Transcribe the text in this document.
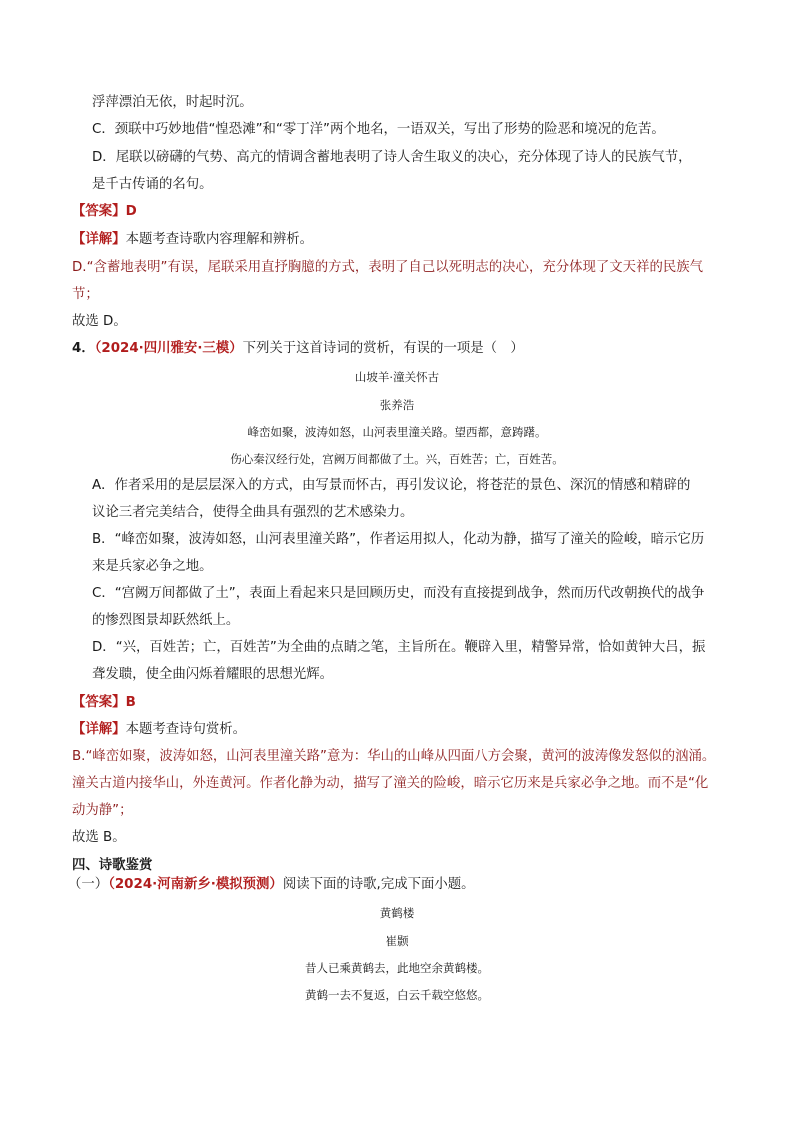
浮萍漂泊无依，时起时沉。
C．颈联中巧妙地借“惶恐滩”和“零丁洋”两个地名，一语双关，写出了形势的险恶和境况的危苦。
D．尾联以磅礴的气势、高亢的情调含蓄地表明了诗人舍生取义的决心，充分体现了诗人的民族气节，
是千古传诵的名句。
【答案】D
【详解】本题考查诗歌内容理解和辨析。
D.“含蓄地表明”有误，尾联采用直抒胸臆的方式，表明了自己以死明志的决心，充分体现了文天祥的民族气
节；
故选 D。
4．（2024·四川雅安·三模）下列关于这首诗词的赏析，有误的一项是（　）
山坡羊·潼关怀古
张养浩
峰峦如聚，波涛如怒，山河表里潼关路。望西都，意踌躇。
伤心秦汉经行处，宫阙万间都做了土。兴，百姓苦；亡，百姓苦。
A．作者采用的是层层深入的方式，由写景而怀古，再引发议论，将苍茫的景色、深沉的情感和精辟的
议论三者完美结合，使得全曲具有强烈的艺术感染力。
B．“峰峦如聚，波涛如怒，山河表里潼关路”，作者运用拟人，化动为静，描写了潼关的险峻，暗示它历
来是兵家必争之地。
C．“宫阙万间都做了土”，表面上看起来只是回顾历史，而没有直接提到战争，然而历代改朝换代的战争
的惨烈图景却跃然纸上。
D．“兴，百姓苦；亡，百姓苦”为全曲的点睛之笔，主旨所在。鞭辟入里，精警异常，恰如黄钟大吕，振
聋发聩，使全曲闪烁着耀眼的思想光辉。
【答案】B
【详解】本题考查诗句赏析。
B.“峰峦如聚，波涛如怒，山河表里潼关路”意为：华山的山峰从四面八方会聚，黄河的波涛像发怒似的汹涌。
潼关古道内接华山，外连黄河。作者化静为动，描写了潼关的险峻，暗示它历来是兵家必争之地。而不是“化
动为静”；
故选 B。
四、诗歌鉴赏
（一）（2024·河南新乡·模拟预测）阅读下面的诗歌,完成下面小题。
黄鹤楼
崔颢
昔人已乘黄鹤去，此地空余黄鹤楼。
黄鹤一去不复返，白云千载空悠悠。
